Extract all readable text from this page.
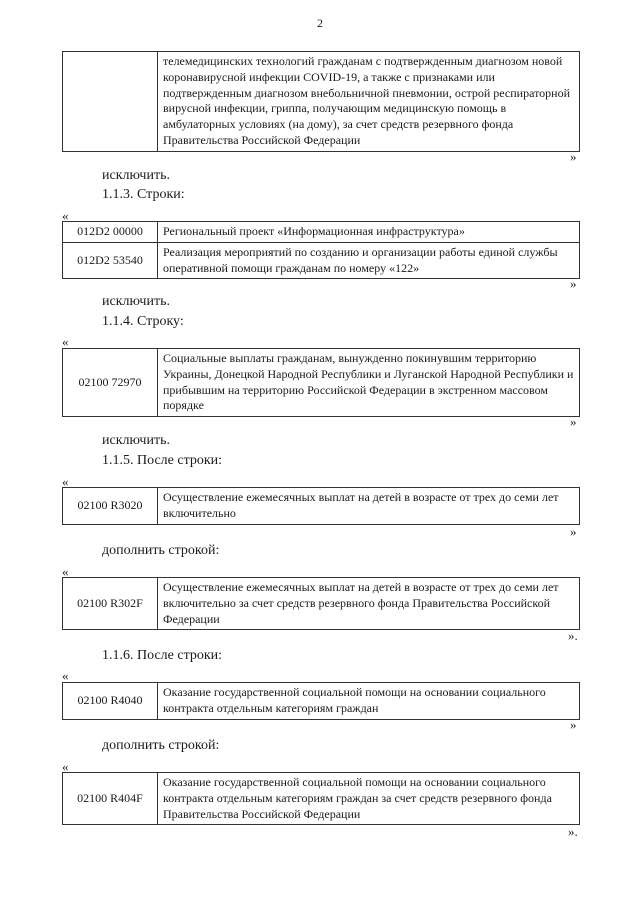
2
	телемедицинских технологий гражданам с подтвержденным диагнозом новой коронавирусной инфекции COVID-19, а также с признаками или подтвержденным диагнозом внебольничной пневмонии, острой респираторной вирусной инфекции, гриппа, получающим медицинскую помощь в амбулаторных условиях (на дому), за счет средств резервного фонда Правительства Российской Федерации
»
исключить.
1.1.3. Строки:
«
012D2 00000	Региональный проект «Информационная инфраструктура»
012D2 53540	Реализация мероприятий по созданию и организации работы единой службы оперативной помощи гражданам по номеру «122»
»
исключить.
1.1.4. Строку:
«
02100 72970	Социальные выплаты гражданам, вынужденно покинувшим территорию Украины, Донецкой Народной Республики и Луганской Народной Республики и прибывшим на территорию Российской Федерации в экстренном массовом порядке
»
исключить.
1.1.5. После строки:
«
02100 R3020	Осуществление ежемесячных выплат на детей в возрасте от трех до семи лет включительно
»
дополнить строкой:
«
02100 R302F	Осуществление ежемесячных выплат на детей в возрасте от трех до семи лет включительно за счет средств резервного фонда Правительства Российской Федерации
».
1.1.6. После строки:
«
02100 R4040	Оказание государственной социальной помощи на основании социального контракта отдельным категориям граждан
»
дополнить строкой:
«
02100 R404F	Оказание государственной социальной помощи на основании социального контракта отдельным категориям граждан за счет средств резервного фонда Правительства Российской Федерации
».
